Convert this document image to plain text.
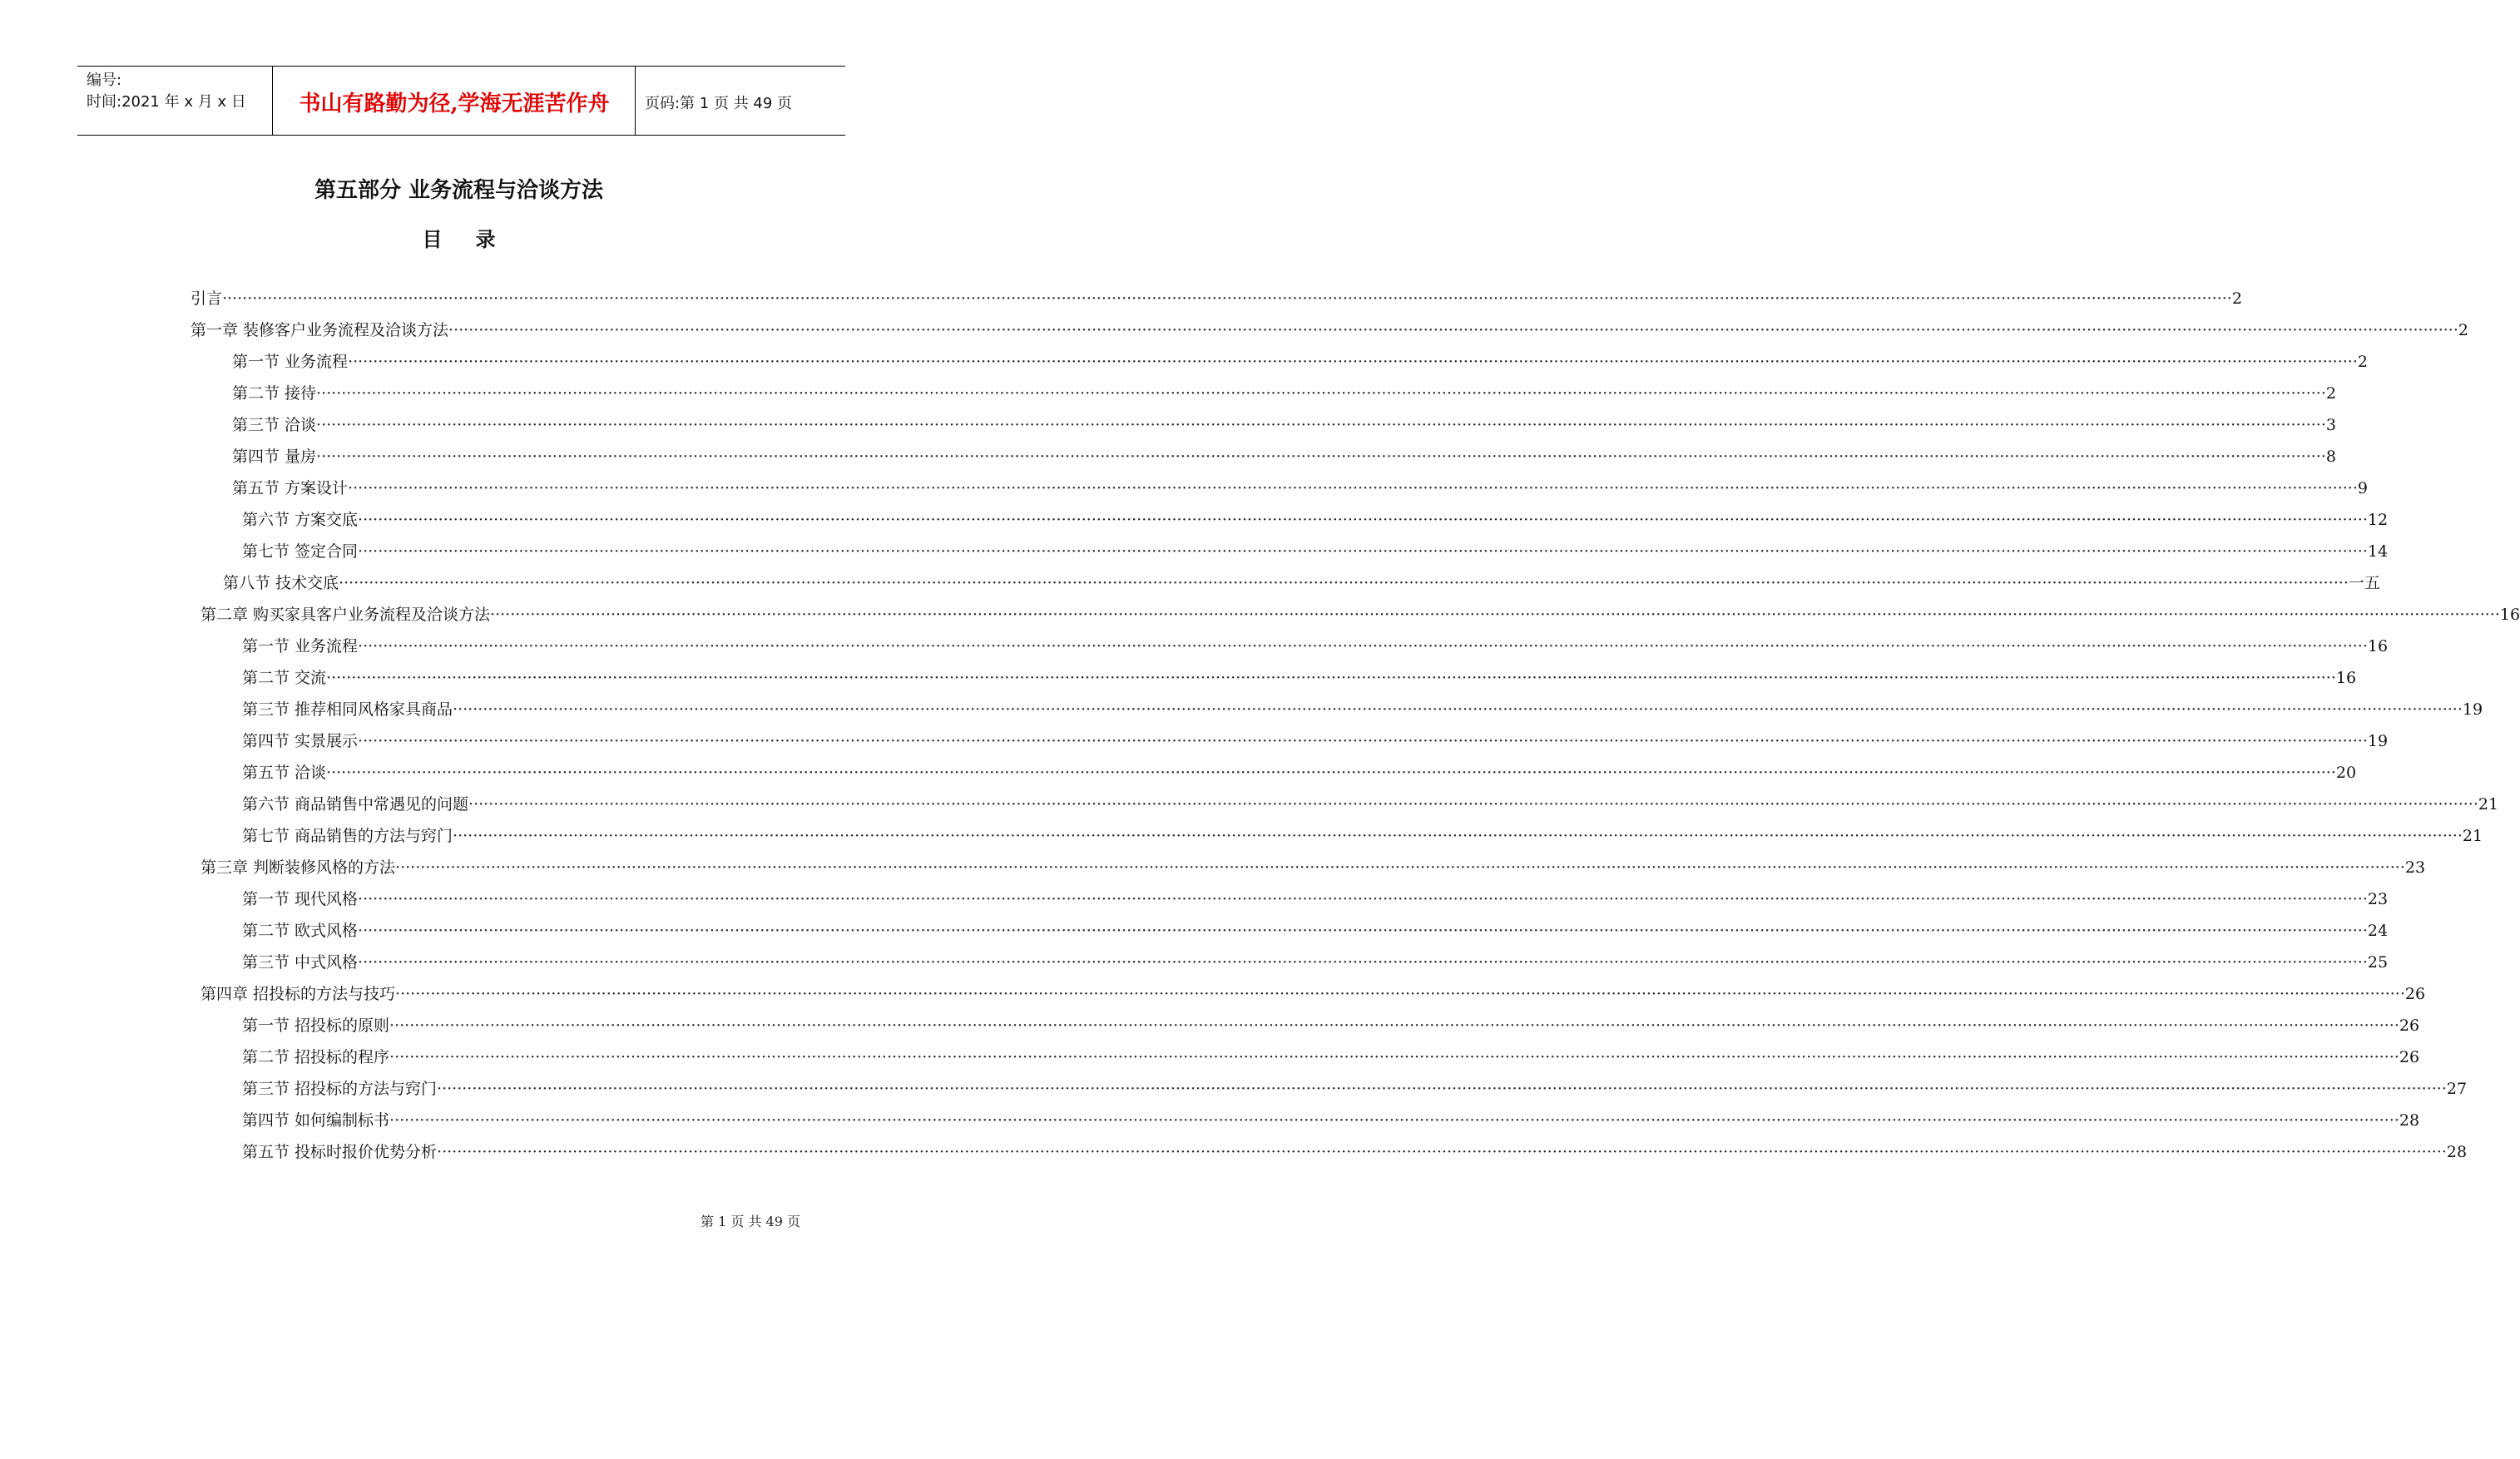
编号:
时间:2021 年 x 月 x 日	书山有路勤为径,学海无涯苦作舟	页码:第 1 页 共 49 页
第五部分 业务流程与洽谈方法
目录
引言 ················································································································································································································································································································································································································ 2
第一章 装修客户业务流程及洽谈方法 ················································································································································································································································································································································································································ 2
第一节 业务流程 ················································································································································································································································································································································································································ 2
第二节 接待 ················································································································································································································································································································································································································ 2
第三节 洽谈 ················································································································································································································································································································································································································ 3
第四节 量房 ················································································································································································································································································································································································································ 8
第五节 方案设计 ················································································································································································································································································································································································································ 9
第六节 方案交底 ················································································································································································································································································································································································································ 12
第七节 签定合同 ················································································································································································································································································································································································································ 14
第八节 技术交底 ················································································································································································································································································································································································································ 一五
第二章 购买家具客户业务流程及洽谈方法 ················································································································································································································································································································································································································ 16
第一节 业务流程 ················································································································································································································································································································································································································ 16
第二节 交流 ················································································································································································································································································································································································································ 16
第三节 推荐相同风格家具商品 ················································································································································································································································································································································································································ 19
第四节 实景展示 ················································································································································································································································································································································································································ 19
第五节 洽谈 ················································································································································································································································································································································································································ 20
第六节 商品销售中常遇见的问题 ················································································································································································································································································································································································································ 21
第七节 商品销售的方法与窍门 ················································································································································································································································································································································································································ 21
第三章 判断装修风格的方法 ················································································································································································································································································································································································································ 23
第一节 现代风格 ················································································································································································································································································································································································································ 23
第二节 欧式风格 ················································································································································································································································································································································································································ 24
第三节 中式风格 ················································································································································································································································································································································································································ 25
第四章 招投标的方法与技巧 ················································································································································································································································································································································································································ 26
第一节 招投标的原则 ················································································································································································································································································································································································································ 26
第二节 招投标的程序 ················································································································································································································································································································································································································ 26
第三节 招投标的方法与窍门 ················································································································································································································································································································································································································ 27
第四节 如何编制标书 ················································································································································································································································································································································································································ 28
第五节 投标时报价优势分析 ················································································································································································································································································································································································································ 28
第 1 页 共 49 页
